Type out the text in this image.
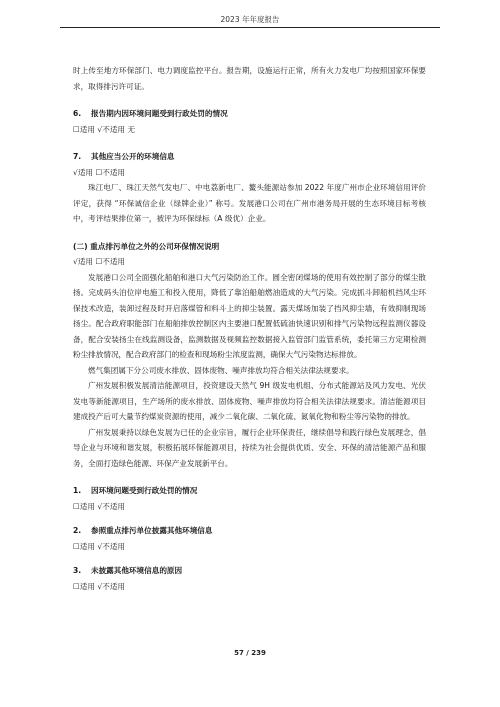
2023 年年度报告

时上传至地方环保部门、电力调度监控平台。报告期，设施运行正常，所有火力发电厂均按照国家环保要求，取得排污许可证。

6. 报告期内因环境问题受到行政处罚的情况

☐适用 √不适用 无

7. 其他应当公开的环境信息

√适用 ☐不适用

珠江电厂、珠江天然气发电厂、中电荔新电厂、鳌头能源站参加 2022 年度广州市企业环境信用评价评定，获得 “环保诚信企业（绿牌企业）” 称号。发展港口公司在广州市港务局开展的生态环境目标考核中，考评结果排位第一，被评为环保绿标（A 级优）企业。

(二) 重点排污单位之外的公司环保情况说明

√适用 ☐不适用

发展港口公司全面强化船舶和港口大气污染防治工作。圆全密闭煤场的使用有效控制了部分的煤尘散扬。完成码头泊位岸电施工和投入使用，降低了靠泊船舶燃油造成的大气污染。完成抓斗卸船机挡风尘环保技术改造，装卸过程及时开启落煤管和料斗上的抑尘装置。露天煤场加装了挡风抑尘墙，有效抑制现场扬尘。配合政府职能部门在船舶排放控制区内主要港口配置低硫油快速识别和排气污染物远程监测仪器设备，配合安装扬尘在线监测设备，监测数据及视频监控数据接入监管部门监管系统，委托第三方定期检测粉尘排放情况，配合政府部门的检查和现场粉尘浓度监测，确保大气污染物达标排放。

燃气集团属下分公司废水排放、固体废物、噪声排放均符合相关法律法规要求。

广州发展积极发展清洁能源项目，投资建设天然气 9H 级发电机组、分布式能源站及风力发电、光伏发电等新能源项目，生产场所的废水排放、固体废物、噪声排放均符合相关法律法规要求。清洁能源项目建成投产后可大量节约煤炭资源的使用，减少二氧化碳、二氧化硫、氮氧化物和粉尘等污染物的排放。

广州发展秉持以绿色发展为已任的企业宗旨，履行企业环保责任，继续倡导和践行绿色发展理念，倡导企业与环境和谐发展，积极拓展环保能源项目，持续为社会提供优质、安全、环保的清洁能源产品和服务，全面打造绿色能源、环保产业发展新平台。

1. 因环境问题受到行政处罚的情况

☐适用 √不适用

2. 参照重点排污单位披露其他环境信息

☐适用 √不适用

3. 未披露其他环境信息的原因

☐适用 √不适用

57 / 239
